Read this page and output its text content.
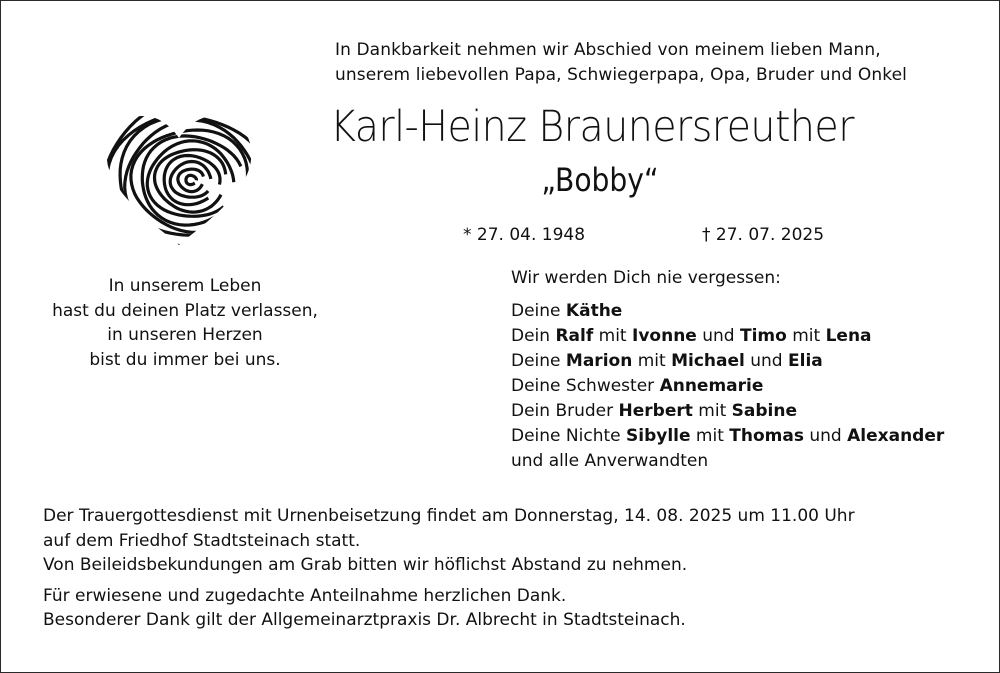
In Dankbarkeit nehmen wir Abschied von meinem lieben Mann,
unserem liebevollen Papa, Schwiegerpapa, Opa, Bruder und Onkel
Karl-Heinz Braunersreuther
„Bobby“
* 27. 04. 1948	† 27. 07. 2025
In unserem Leben
hast du deinen Platz verlassen,
in unseren Herzen
bist du immer bei uns.
Wir werden Dich nie vergessen:
Deine Käthe
Dein Ralf mit Ivonne und Timo mit Lena
Deine Marion mit Michael und Elia
Deine Schwester Annemarie
Dein Bruder Herbert mit Sabine
Deine Nichte Sibylle mit Thomas und Alexander
und alle Anverwandten
Der Trauergottesdienst mit Urnenbeisetzung findet am Donnerstag, 14. 08. 2025 um 11.00 Uhr
auf dem Friedhof Stadtsteinach statt.
Von Beileidsbekundungen am Grab bitten wir höflichst Abstand zu nehmen.
Für erwiesene und zugedachte Anteilnahme herzlichen Dank.
Besonderer Dank gilt der Allgemeinarztpraxis Dr. Albrecht in Stadtsteinach.
